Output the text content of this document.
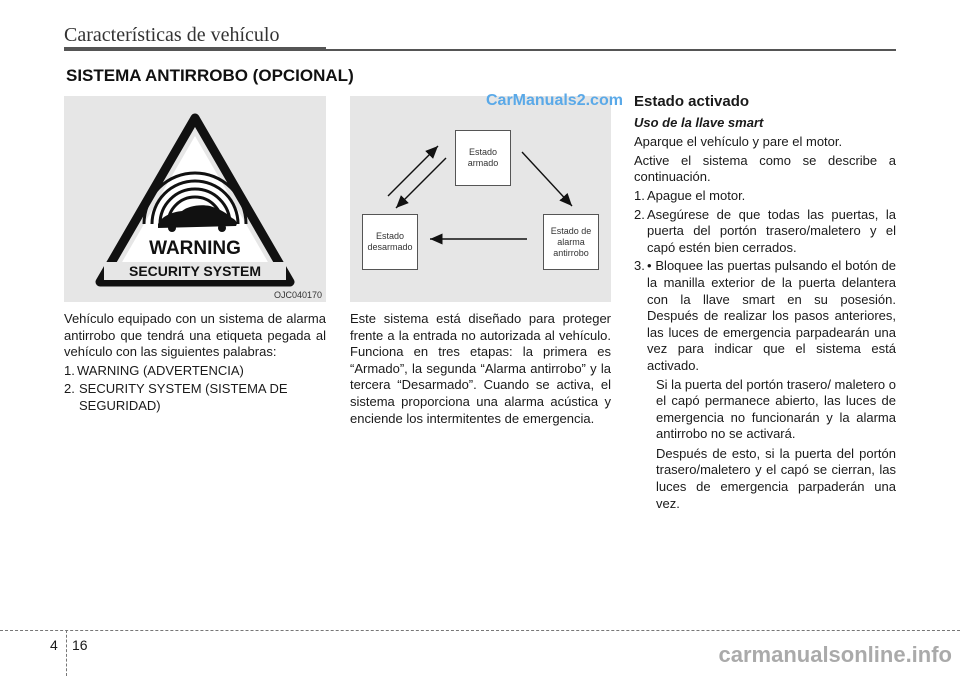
Características de vehículo
SISTEMA ANTIRROBO (OPCIONAL)
WARNING
SECURITY SYSTEM
OJC040170
Estado
armado
Estado
desarmado
Estado de
alarma
antirrobo
CarManuals2.com

Vehículo equipado con un sistema de alarma antirrobo que tendrá una etiqueta pegada al vehículo con las siguientes palabras:

1. WARNING (ADVERTENCIA)
2. SECURITY SYSTEM (SISTEMA DE SEGURIDAD)

Este sistema está diseñado para proteger frente a la entrada no autorizada al vehículo. Funciona en tres etapas: la primera es “Armado”, la segunda “Alarma antirrobo” y la tercera “Desarmado”. Cuando se activa, el sistema proporciona una alarma acústica y enciende los intermitentes de emergencia.

Estado activado
Uso de la llave smart

Aparque el vehículo y pare el motor.

Active el sistema como se describe a continuación.

1. Apague el motor.
2. Asegúrese de que todas las puertas, la puerta del portón trasero/maletero y el capó estén bien cerrados.
3. • Bloquee las puertas pulsando el botón de la manilla exterior de la puerta delantera con la llave smart en su posesión. Después de realizar los pasos anteriores, las luces de emergencia parpadearán una vez para indicar que el sistema está activado.

Si la puerta del portón trasero/ maletero o el capó permanece abierto, las luces de emergencia no funcionarán y la alarma antirrobo no se activará.

Después de esto, si la puerta del portón trasero/maletero y el capó se cierran, las luces de emergencia parpaderán una vez.

4 16	carmanualsonline.info
